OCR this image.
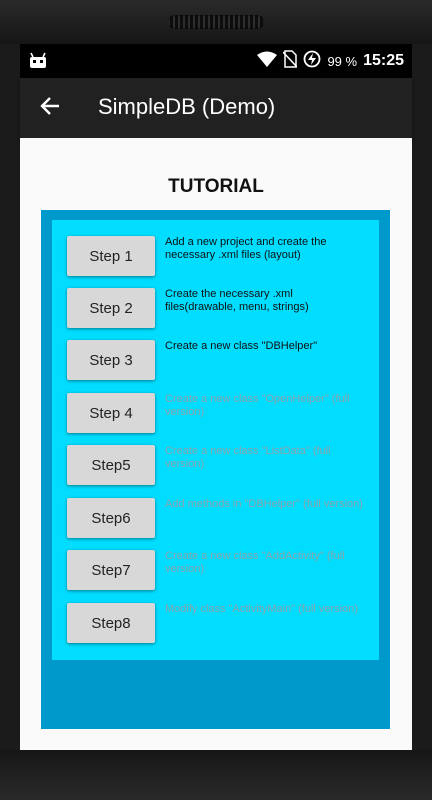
99 % 15:25
SimpleDB (Demo)
TUTORIAL
Step 1
Add a new project and create the necessary .xml files (layout)
Step 2
Create the necessary .xml files(drawable, menu, strings)
Step 3
Create a new class "DBHelper"
Step 4
Create a new class "OpenHelper" (full version)
Step5
Create a new class "ListData" (full version)
Step6
Add methods in "DBHelper" (full version)
Step7
Create a new class "AddActivity" (full version)
Step8
Modify class "ActivityMain" (full version)
